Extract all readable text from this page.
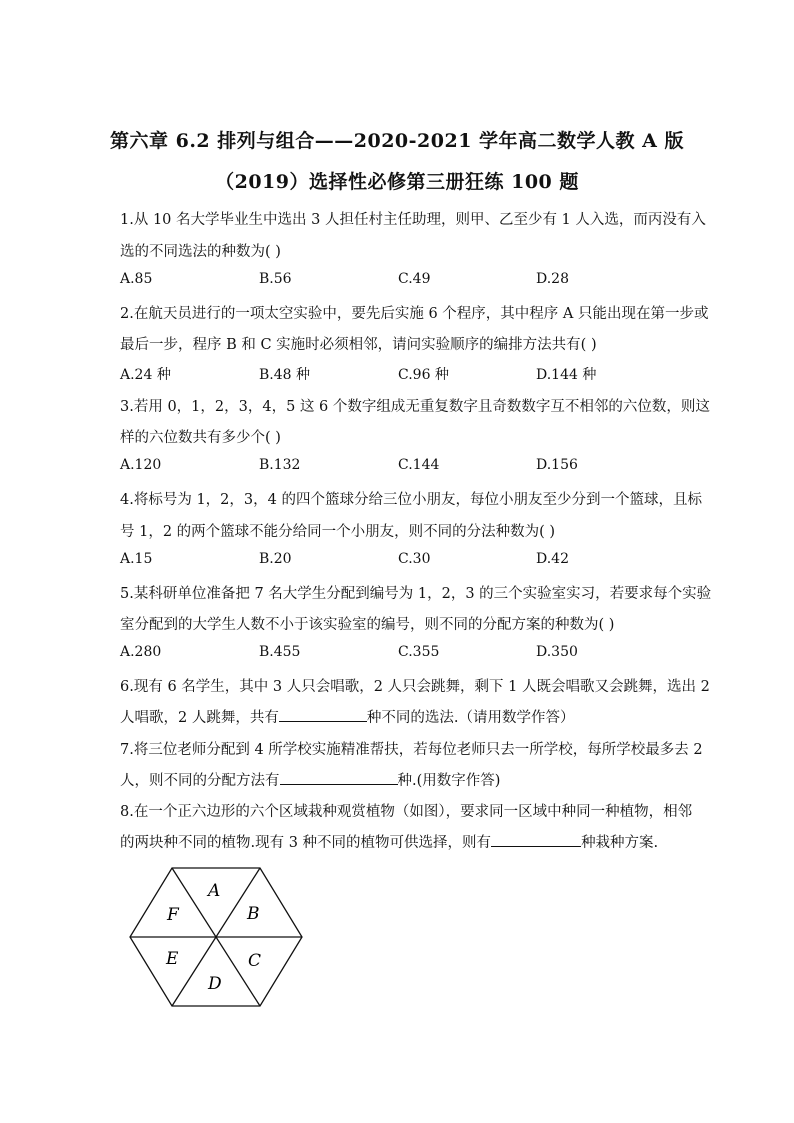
第六章 6.2 排列与组合——2020-2021 学年高二数学人教 A 版
（2019）选择性必修第三册狂练 100 题
1.从 10 名大学毕业生中选出 3 人担任村主任助理，则甲、乙至少有 1 人入选，而丙没有入
选的不同选法的种数为( )
A.85	B.56	C.49	D.28
2.在航天员进行的一项太空实验中，要先后实施 6 个程序，其中程序 A 只能出现在第一步或
最后一步，程序 B 和 C 实施时必须相邻，请问实验顺序的编排方法共有( )
A.24 种	B.48 种	C.96 种	D.144 种
3.若用 0，1，2，3，4，5 这 6 个数字组成无重复数字且奇数数字互不相邻的六位数，则这
样的六位数共有多少个( )
A.120	B.132	C.144	D.156
4.将标号为 1，2，3，4 的四个篮球分给三位小朋友，每位小朋友至少分到一个篮球，且标
号 1，2 的两个篮球不能分给同一个小朋友，则不同的分法种数为( )
A.15	B.20	C.30	D.42
5.某科研单位准备把 7 名大学生分配到编号为 1，2，3 的三个实验室实习，若要求每个实验
室分配到的大学生人数不小于该实验室的编号，则不同的分配方案的种数为( )
A.280	B.455	C.355	D.350
6.现有 6 名学生，其中 3 人只会唱歌，2 人只会跳舞，剩下 1 人既会唱歌又会跳舞，选出 2
人唱歌，2 人跳舞，共有	种不同的选法.（请用数学作答）
7.将三位老师分配到 4 所学校实施精准帮扶，若每位老师只去一所学校，每所学校最多去 2
人，则不同的分配方法有	种.(用数字作答)
8.在一个正六边形的六个区域栽种观赏植物（如图），要求同一区域中种同一种植物，相邻
的两块种不同的植物.现有 3 种不同的植物可供选择，则有	种栽种方案.
A
B
C
D
E
F
